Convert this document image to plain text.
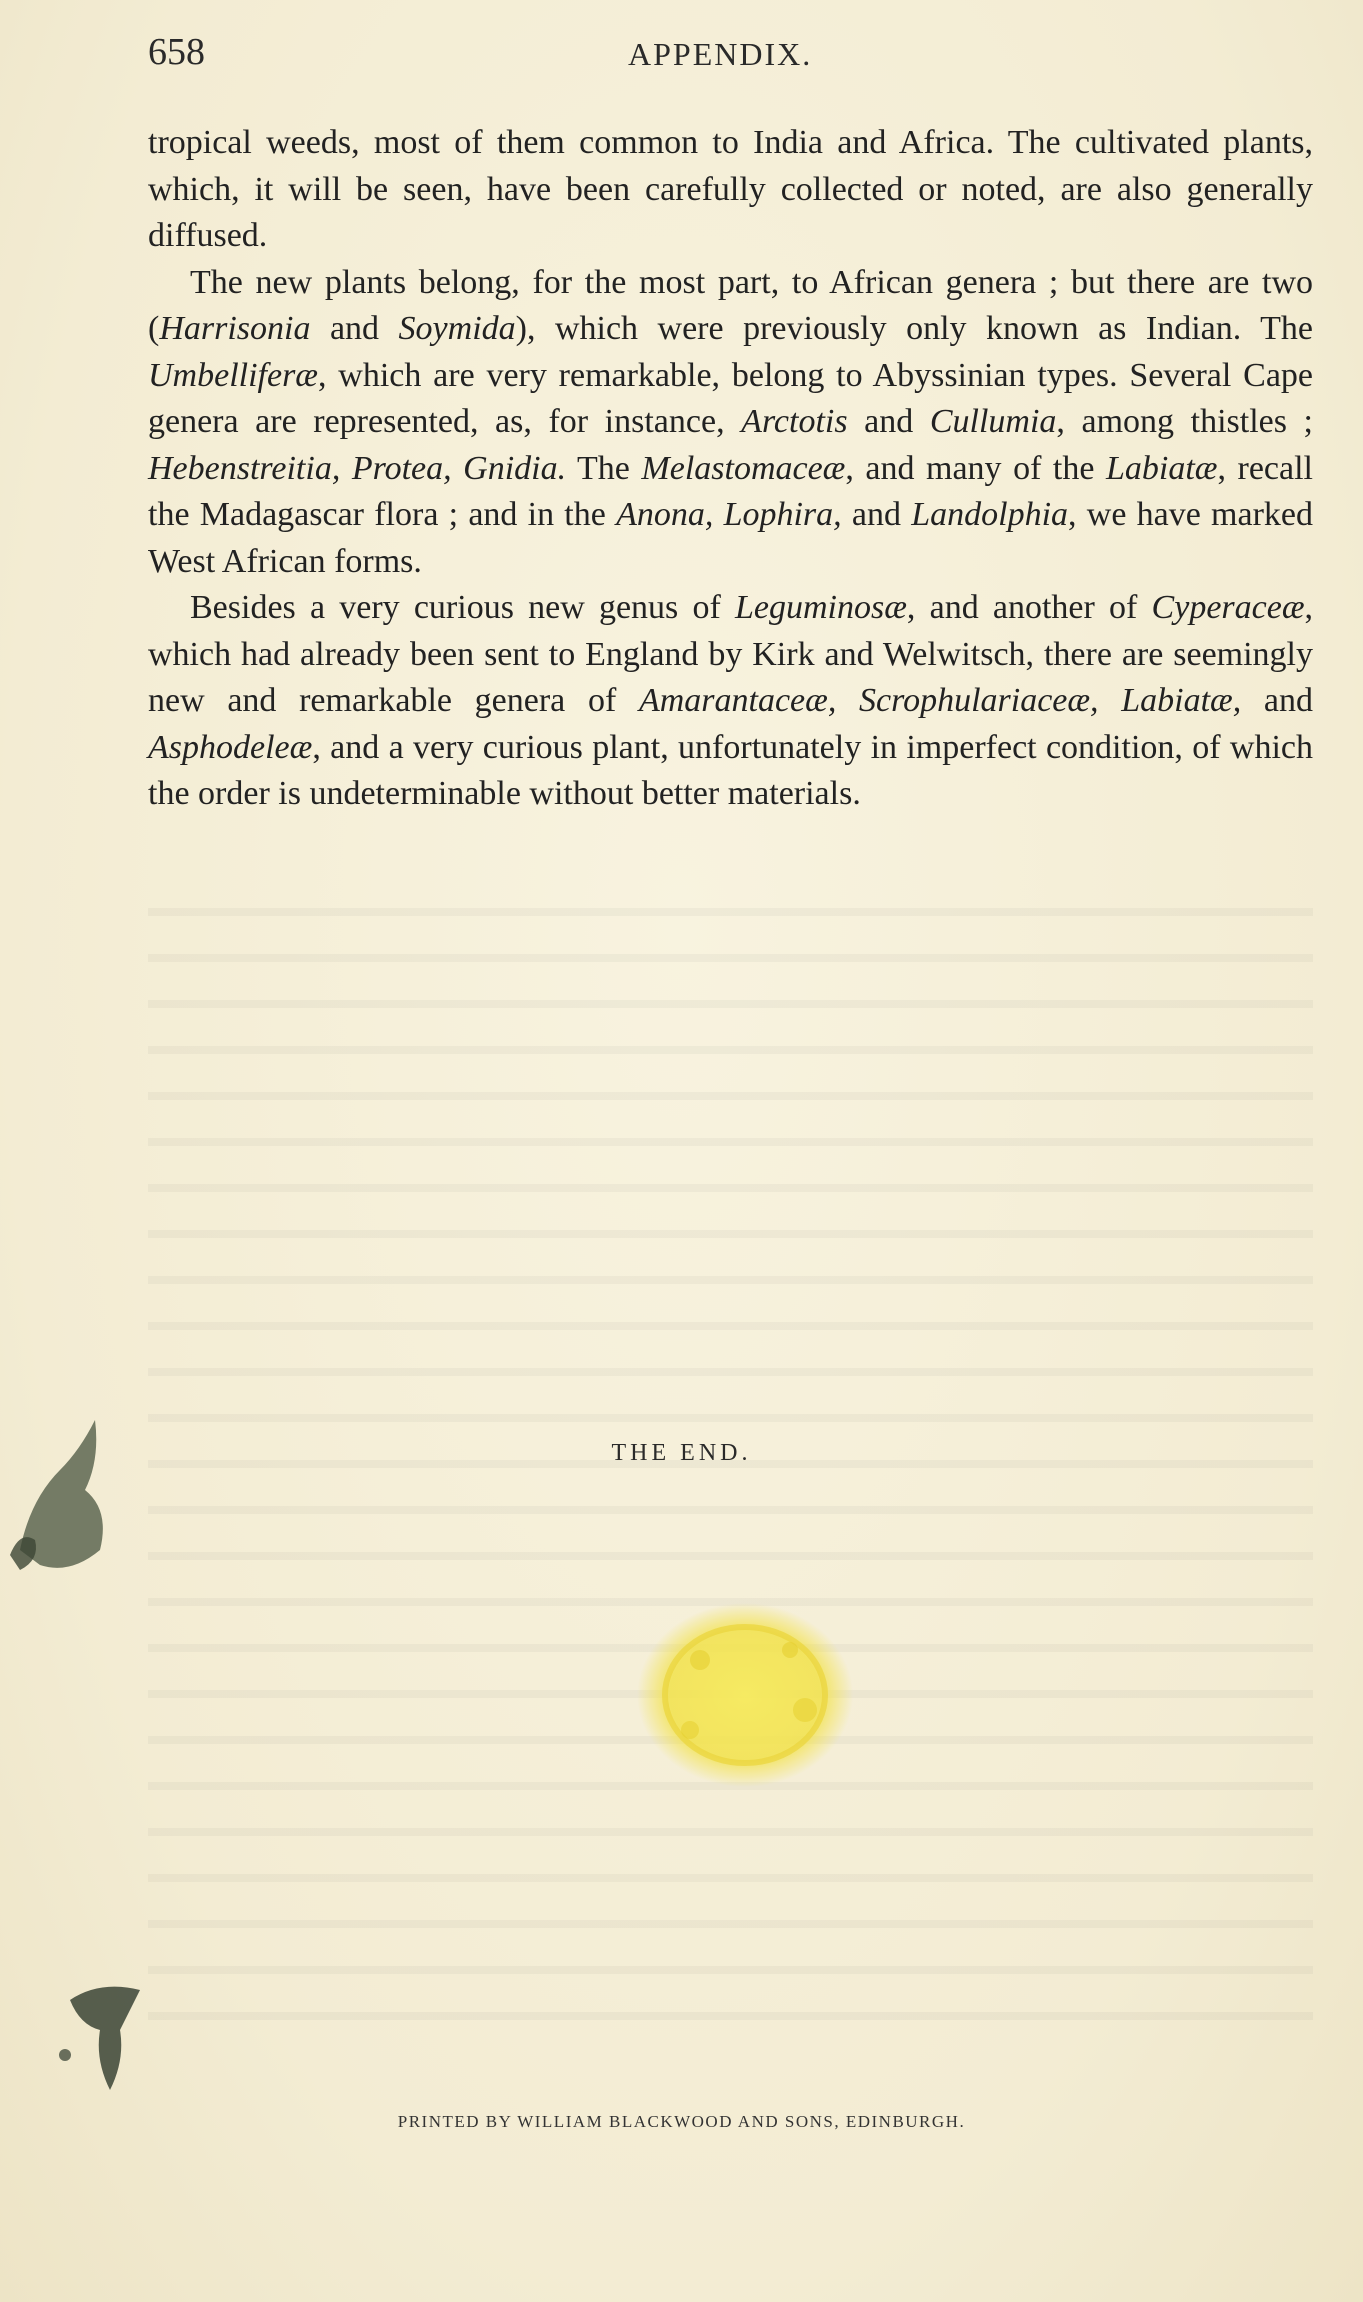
658	APPENDIX.

tropical weeds, most of them common to India and Africa. The cultivated plants, which, it will be seen, have been carefully collected or noted, are also generally diffused.

The new plants belong, for the most part, to African genera ; but there are two (Harrisonia and Soymida), which were previously only known as Indian. The Umbelliferæ, which are very remarkable, belong to Abyssinian types. Several Cape genera are represented, as, for instance, Arctotis and Cullumia, among thistles ; Hebenstreitia, Protea, Gnidia. The Melastomaceæ, and many of the Labiatæ, recall the Madagascar flora ; and in the Anona, Lophira, and Landolphia, we have marked West African forms.

Besides a very curious new genus of Leguminosæ, and another of Cyperaceæ, which had already been sent to England by Kirk and Welwitsch, there are seemingly new and remarkable genera of Amarantaceæ, Scrophulariaceæ, Labiatæ, and Asphodeleæ, and a very curious plant, unfortunately in imperfect condition, of which the order is undeterminable without better materials.

THE END.
PRINTED BY WILLIAM BLACKWOOD AND SONS, EDINBURGH.
